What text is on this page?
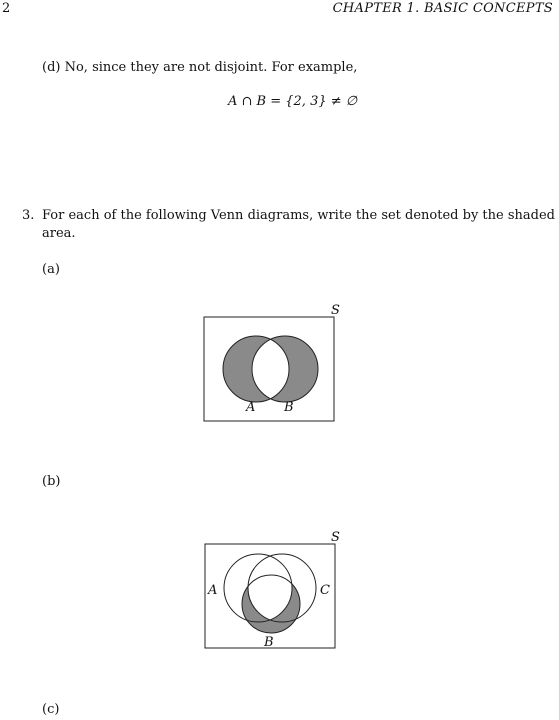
2	CHAPTER 1. BASIC CONCEPTS
(d) No, since they are not disjoint. For example,
A ∩ B = {2, 3} ≠ ∅
3. For each of the following Venn diagrams, write the set denoted by the shaded
area.
(a)
S
A B
(b)
S
A
B
C
(c)
